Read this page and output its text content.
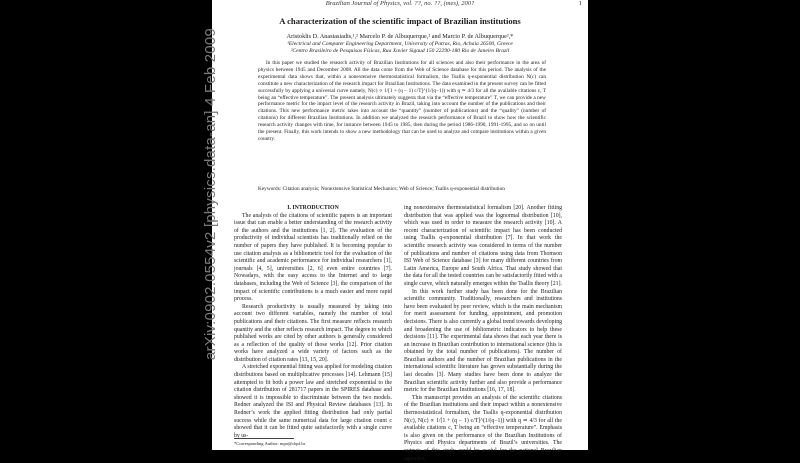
Brazilian Journal of Physics, vol. ??, no. ??, (mes), 200?	1
A characterization of the scientific impact of Brazilian institutions
Aristoklis D. Anastasiadis,¹,² Marcelo P. de Albuquerque,² and Marcio P. de Albuquerque²,*
¹Electrical and Computer Engineering Department, University of Patras, Rio, Achaia 26500, Greece
²Centro Brasileiro de Pesquisas Físicas, Rua Xavier Sigaud 150 22290-180 Rio de Janeiro Brazil

In this paper we studied the research activity of Brazilian Institutions for all sciences and also their performance in the area of physics between 1945 and December 2008. All the data come from the Web of Science database for this period. The analysis of the experimental data shows that, within a nonextensive thermostatistical formalism, the Tsallis q-exponential distribution N(c) can constitute a new characterization of the research impact for Brazilian Institutions. The data examined in the present survey can be fitted successfully by applying a universal curve namely, N(c) ∝ 1/[1 + (q − 1) c/T]^(1/(q−1)) with q ≃ 4/3 for all the available citations c, T being an “effective temperature”. The present analysis ultimately suggests that via the “effective temperature” T, we can provide a new performance metric for the impact level of the research activity in Brazil, taking into account the number of the publications and their citations. This new performance metric takes into account the “quantity” (number of publications) and the “quality” (number of citations) for different Brazilian Institutions. In addition we analyzed the research performance of Brazil to show how the scientific research activity changes with time, for instance between 1945 to 1985, then during the period 1986-1990, 1991-1995, and so on until the present. Finally, this work intends to show a new methodology that can be used to analyze and compare institutions within a given country.

Keywords: Citation analysis; Nonextensive Statistical Mechanics; Web of Science; Tsallis q-exponential distribution

I. INTRODUCTION

The analysis of the citations of scientific papers is an important issue that can enable a better understanding of the research activity of the authors and the institutions [1, 2]. The evaluation of the productivity of individual scientists has traditionally relied on the number of papers they have published. It is becoming popular to use citation analysis as a bibliometric tool for the evaluation of the scientific and academic performance for individual researchers [1], journals [4, 5], universities [2, 6] even entire countries [7]. Nowadays, with the easy access to the Internet and to large databases, including the Web of Science [3], the comparison of the impact of scientific contributions is a much easier and more rapid process.

Research productivity is usually measured by taking into account two different variables, namely the number of total publications and their citations. The first measure reflects research quantity and the other reflects research impact. The degree to which published works are cited by other authors is generally considered as a reflection of the quality of those works [12]. Prior citation works have analyzed a wide variety of factors such as the distribution of citation rates [13, 15, 20].

A stretched exponential fitting was applied for modeling citation distributions based on multiplicative processes [14]. Lehmann [15] attempted to fit both a power law and stretched exponential to the citation distribution of 281717 papers in the SPIRES database and showed it is impossible to discriminate between the two models. Redner analyzed the ISI and Physical Review databases [13]. In Redner’s work the applied fitting distribution had only partial success while the same numerical data for large citation count c showed that it can be fitted quite satisfactorily with a single curve by us-

ing nonextensive thermostatistical formalism [20]. Another fitting distribution that was applied was the lognormal distribution [10], which was used in order to measure the research activity [10]. A recent characterization of scientific impact has been conducted using Tsallis q-exponential distribution [7]. In that work the scientific research activity was considered in terms of the number of publications and number of citations using data from Thomson ISI Web of Science database [3] for many different countries from Latin America, Europe and South Africa. That study showed that the data for all the tested countries can be satisfactorily fitted with a single curve, which naturally emerges within the Tsallis theory [21].

In this work further study has been done for the Brazilian scientific community. Traditionally, researchers and institutions have been evaluated by peer review, which is the main mechanism for merit assessment for funding, appointment, and promotion decisions. There is also currently a global trend towards developing and broadening the use of bibliometric indicators to help these decisions [11]. The experimental data shows that each year there is an increase in Brazilian contribution to international science (this is obtained by the total number of publications). The number of Brazilian authors and the number of Brazilian publications in the international scientific literature has grown substantially during the last decades [3]. Many studies have been done to analyze the Brazilian scientific activity further and also provide a performance metric for the Brazilian Institutions [16, 17, 18].

This manuscript provides an analysis of the scientific citations of the Brazilian institutions and their impact within a nonextensive thermostatistical formalism, the Tsallis q-exponential distribution N(c), N(c) ∝ 1/[1 + (q − 1) c/T]^(1/(q−1)) with q ≃ 4/3 for all the available citations c, T being an “effective temperature”. Emphasis is also given on the performance of the Brazilian Institutions of Physics and Physics departments of Brazil’s universities. The outputs of this study could be useful for the national Brazilian agencies,

*Corresponding Author: mpa@cbpf.br
arXiv:0902.0554v2 [physics.data-an] 4 Feb 2009
